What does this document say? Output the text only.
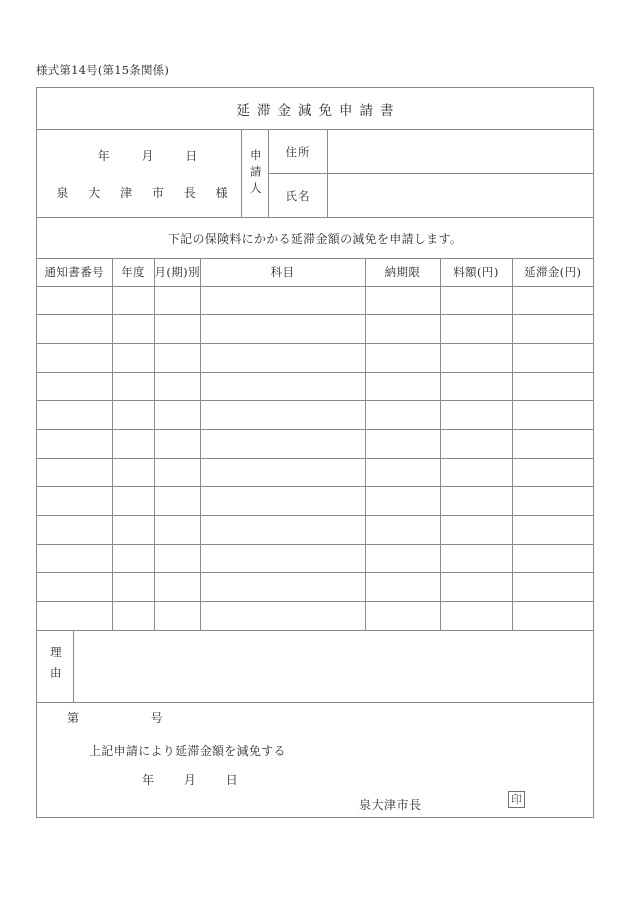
様式第14号(第15条関係)
延滞金減免申請書
年	月	日
泉 大 津 市 長 様	申請人	住所
氏名
下記の保険料にかかる延滞金額の減免を申請します。
通知書番号	年度	月(期)別	科目	納期限	料額(円)	延滞金(円)

理由
第	号
上記申請により延滞金額を減免する
年 月 日
泉大津市長	印
